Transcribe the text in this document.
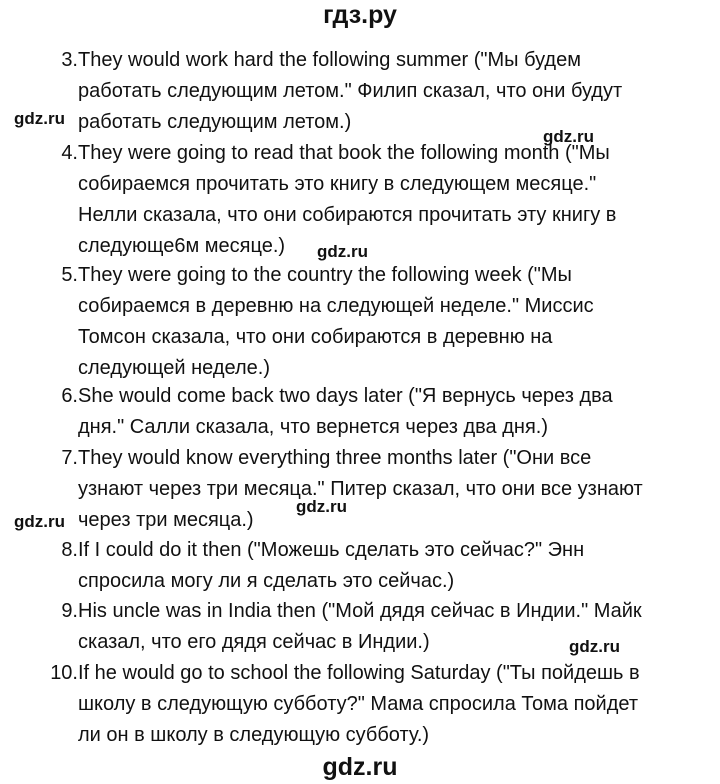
гдз.ру
3. They would work hard the following summer ("Мы будем
работать следующим летом." Филип сказал, что они будут
работать следующим летом.)
4. They were going to read that book the following month ("Мы
собираемся прочитать это книгу в следующем месяце."
Нелли сказала, что они собираются прочитать эту книгу в
следующе6м месяце.)
5. They were going to the country the following week ("Мы
собираемся в деревню на следующей неделе." Миссис
Томсон сказала, что они собираются в деревню на
следующей неделе.)
6. She would come back two days later ("Я вернусь через два
дня." Салли сказала, что вернется через два дня.)
7. They would know everything three months later ("Они все
узнают через три месяца." Питер сказал, что они все узнают
через три месяца.)
8. If I could do it then ("Можешь сделать это сейчас?" Энн
спросила могу ли я сделать это сейчас.)
9. His uncle was in India then ("Мой дядя сейчас в Индии." Майк
сказал, что его дядя сейчас в Индии.)
10. If he would go to school the following Saturday ("Ты пойдешь в
школу в следующую субботу?" Мама спросила Тома пойдет
ли он в школу в следующую субботу.)
gdz.ru
gdz.ru
gdz.ru
gdz.ru
gdz.ru
gdz.ru
gdz.ru
